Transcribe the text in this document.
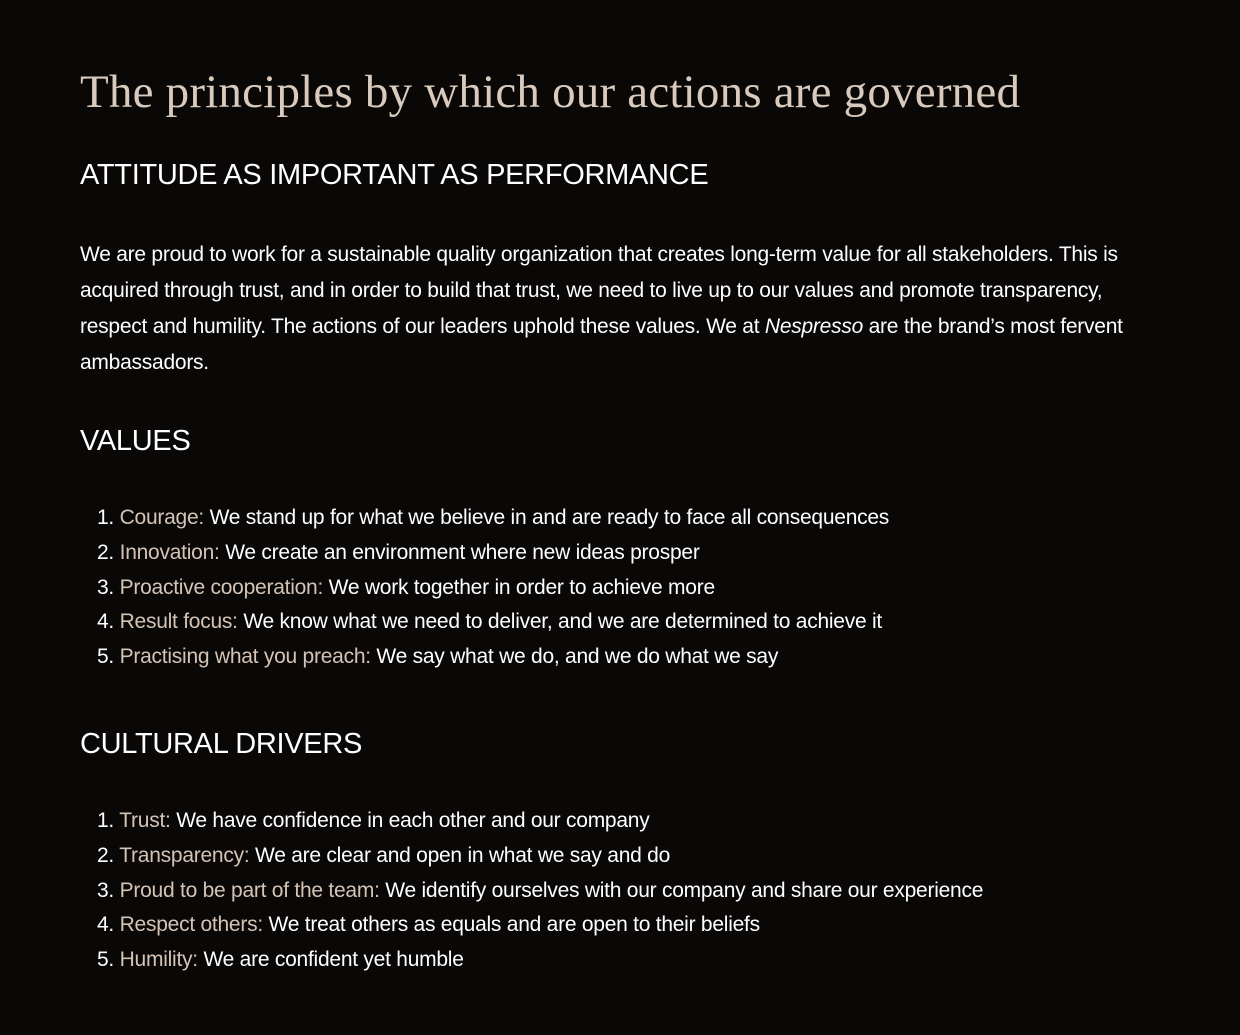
The principles by which our actions are governed
ATTITUDE AS IMPORTANT AS PERFORMANCE

We are proud to work for a sustainable quality organization that creates long-term value for all stakeholders. This is acquired through trust, and in order to build that trust, we need to live up to our values and promote transparency, respect and humility. The actions of our leaders uphold these values. We at Nespresso are the brand’s most fervent ambassadors.

VALUES
1. Courage: We stand up for what we believe in and are ready to face all consequences
2. Innovation: We create an environment where new ideas prosper
3. Proactive cooperation: We work together in order to achieve more
4. Result focus: We know what we need to deliver, and we are determined to achieve it
5. Practising what you preach: We say what we do, and we do what we say
CULTURAL DRIVERS
1. Trust: We have confidence in each other and our company
2. Transparency: We are clear and open in what we say and do
3. Proud to be part of the team: We identify ourselves with our company and share our experience
4. Respect others: We treat others as equals and are open to their beliefs
5. Humility: We are confident yet humble
